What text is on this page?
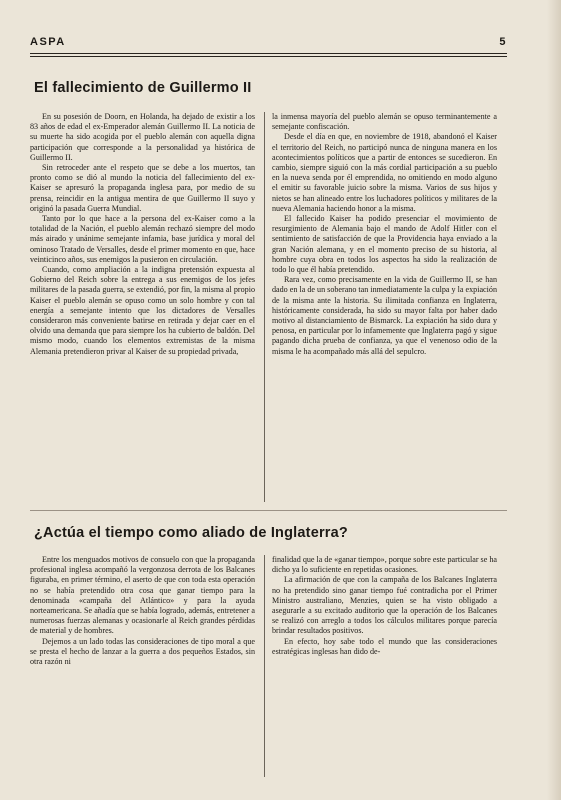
ASPA	5
El fallecimiento de Guillermo II

En su posesión de Doorn, en Holanda, ha dejado de existir a los 83 años de edad el ex-Emperador alemán Guillermo II. La noticia de su muerte ha sido acogida por el pueblo alemán con aquella digna participación que corresponde a la personalidad ya histórica de Guillermo II.

Sin retroceder ante el respeto que se debe a los muertos, tan pronto como se dió al mundo la noticia del fallecimiento del ex-Kaiser se apresuró la propaganda inglesa para, por medio de su prensa, reincidir en la antigua mentira de que Guillermo II suyo y originó la pasada Guerra Mundial.

Tanto por lo que hace a la persona del ex-Kaiser como a la totalidad de la Nación, el pueblo alemán rechazó siempre del modo más airado y unánime semejante infamia, base jurídica y moral del ominoso Tratado de Versalles, desde el primer momento en que, hace veinticinco años, sus enemigos la pusieron en circulación.

Cuando, como ampliación a la indigna pretensión expuesta al Gobierno del Reich sobre la entrega a sus enemigos de los jefes militares de la pasada guerra, se extendió, por fin, la misma al propio Kaiser el pueblo alemán se opuso como un solo hombre y con tal energía a semejante intento que los dictadores de Versalles consideraron más conveniente batirse en retirada y dejar caer en el olvido una demanda que para siempre los ha cubierto de baldón. Del mismo modo, cuando los elementos extremistas de la misma Alemania pretendieron privar al Kaiser de su propiedad privada,

la inmensa mayoría del pueblo alemán se opuso terminantemente a semejante confiscación.

Desde el día en que, en noviembre de 1918, abandonó el Kaiser el territorio del Reich, no participó nunca de ninguna manera en los acontecimientos políticos que a partir de entonces se sucedieron. En cambio, siempre siguió con la más cordial participación a su pueblo en la nueva senda por él emprendida, no omitiendo en modo alguno el emitir su favorable juicio sobre la misma. Varios de sus hijos y nietos se han alineado entre los luchadores políticos y militares de la nueva Alemania haciendo honor a la misma.

El fallecido Kaiser ha podido presenciar el movimiento de resurgimiento de Alemania bajo el mando de Adolf Hitler con el sentimiento de satisfacción de que la Providencia haya enviado a la gran Nación alemana, y en el momento preciso de su historia, al hombre cuya obra en todos los aspectos ha sido la realización de todo lo que él había pretendido.

Rara vez, como precisamente en la vida de Guillermo II, se han dado en la de un soberano tan inmediatamente la culpa y la expiación de la misma ante la historia. Su ilimitada confianza en Inglaterra, históricamente considerada, ha sido su mayor falta por haber dado motivo al distanciamiento de Bismarck. La expiación ha sido dura y penosa, en particular por lo infamemente que Inglaterra pagó y sigue pagando dicha prueba de confianza, ya que el venenoso odio de la misma le ha acompañado más allá del sepulcro.

¿Actúa el tiempo como aliado de Inglaterra?

Entre los menguados motivos de consuelo con que la propaganda profesional inglesa acompañó la vergonzosa derrota de los Balcanes figuraba, en primer término, el aserto de que con toda esta operación no se había pretendido otra cosa que ganar tiempo para la denominada «campaña del Atlántico» y para la ayuda norteamericana. Se añadía que se había logrado, además, entretener a numerosas fuerzas alemanas y ocasionarle al Reich grandes pérdidas de material y de hombres.

Dejemos a un lado todas las consideraciones de tipo moral a que se presta el hecho de lanzar a la guerra a dos pequeños Estados, sin otra razón ni

finalidad que la de «ganar tiempo», porque sobre este particular se ha dicho ya lo suficiente en repetidas ocasiones.

La afirmación de que con la campaña de los Balcanes Inglaterra no ha pretendido sino ganar tiempo fué contradicha por el Primer Ministro australiano, Menzies, quien se ha visto obligado a asegurarle a su excitado auditorio que la operación de los Balcanes se realizó con arreglo a todos los cálculos militares porque parecía brindar resultados positivos.

En efecto, hoy sabe todo el mundo que las consideraciones estratégicas inglesas han dido de-
